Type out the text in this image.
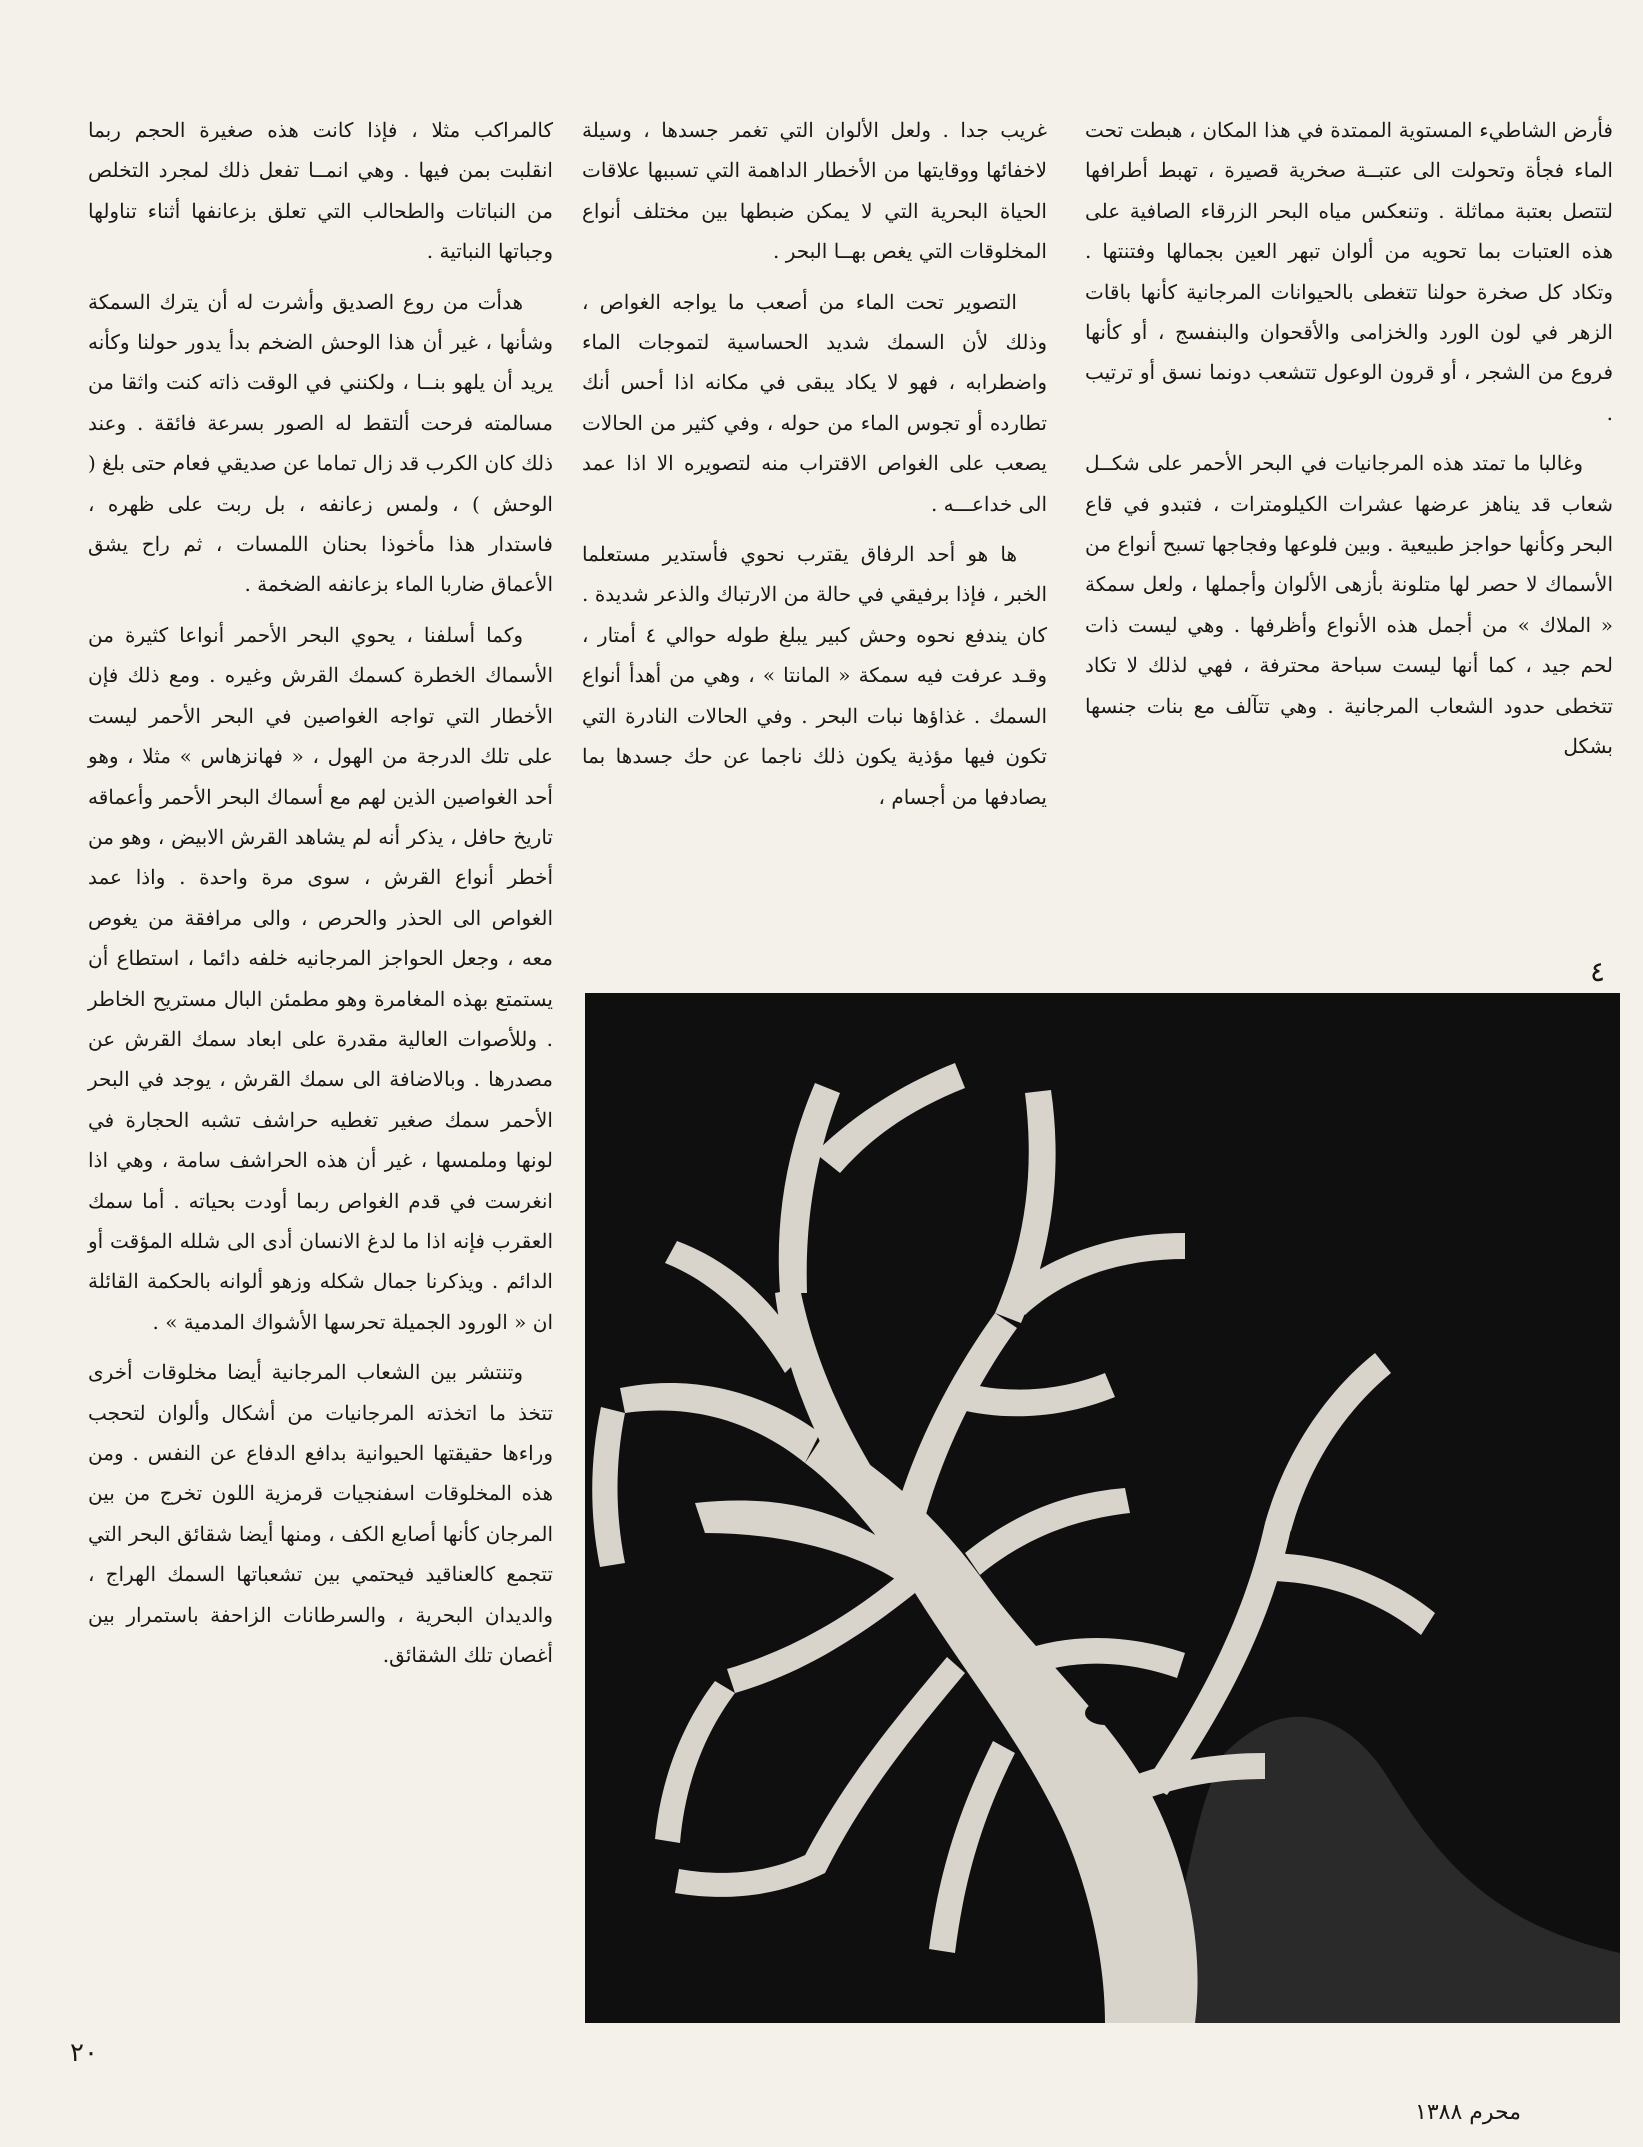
فأرض الشاطيء المستوية الممتدة في هذا المكان ، هبطت تحت الماء فجأة وتحولت الى عتبــة صخرية قصيرة ، تهبط أطرافها لتتصل بعتبة مماثلة . وتنعكس مياه البحر الزرقاء الصافية على هذه العتبات بما تحويه من ألوان تبهر العين بجمالها وفتنتها . وتكاد كل صخرة حولنا تتغطى بالحيوانات المرجانية كأنها باقات الزهر في لون الورد والخزامى والأقحوان والبنفسج ، أو كأنها فروع من الشجر ، أو قرون الوعول تتشعب دونما نسق أو ترتيب .

وغالبا ما تمتد هذه المرجانيات في البحر الأحمر على شكــل شعاب قد يناهز عرضها عشرات الكيلومترات ، فتبدو في قاع البحر وكأنها حواجز طبيعية . وبين فلوعها وفجاجها تسبح أنواع من الأسماك لا حصر لها متلونة بأزهى الألوان وأجملها ، ولعل سمكة « الملاك » من أجمل هذه الأنواع وأظرفها . وهي ليست ذات لحم جيد ، كما أنها ليست سباحة محترفة ، فهي لذلك لا تكاد تتخطى حدود الشعاب المرجانية . وهي تتآلف مع بنات جنسها بشكل

غريب جدا . ولعل الألوان التي تغمر جسدها ، وسيلة لاخفائها ووقايتها من الأخطار الداهمة التي تسببها علاقات الحياة البحرية التي لا يمكن ضبطها بين مختلف أنواع المخلوقات التي يغص بهــا البحر .

التصوير تحت الماء من أصعب ما يواجه الغواص ، وذلك لأن السمك شديد الحساسية لتموجات الماء واضطرابه ، فهو لا يكاد يبقى في مكانه اذا أحس أنك تطارده أو تجوس الماء من حوله ، وفي كثير من الحالات يصعب على الغواص الاقتراب منه لتصويره الا اذا عمد الى خداعـــه .

ها هو أحد الرفاق يقترب نحوي فأستدير مستعلما الخبر ، فإذا برفيقي في حالة من الارتباك والذعر شديدة . كان يندفع نحوه وحش كبير يبلغ طوله حوالي ٤ أمتار ، وقـد عرفت فيه سمكة « المانتا » ، وهي من أهدأ أنواع السمك . غذاؤها نبات البحر . وفي الحالات النادرة التي تكون فيها مؤذية يكون ذلك ناجما عن حك جسدها بما يصادفها من أجسام ،

كالمراكب مثلا ، فإذا كانت هذه صغيرة الحجم ربما انقلبت بمن فيها . وهي انمــا تفعل ذلك لمجرد التخلص من النباتات والطحالب التي تعلق بزعانفها أثناء تناولها وجباتها النباتية .

هدأت من روع الصديق وأشرت له أن يترك السمكة وشأنها ، غير أن هذا الوحش الضخم بدأ يدور حولنا وكأنه يريد أن يلهو بنــا ، ولكنني في الوقت ذاته كنت واثقا من مسالمته فرحت ألتقط له الصور بسرعة فائقة . وعند ذلك كان الكرب قد زال تماما عن صديقي فعام حتى بلغ ( الوحش ) ، ولمس زعانفه ، بل ربت على ظهره ، فاستدار هذا مأخوذا بحنان اللمسات ، ثم راح يشق الأعماق ضاربا الماء بزعانفه الضخمة .

وكما أسلفنا ، يحوي البحر الأحمر أنواعا كثيرة من الأسماك الخطرة كسمك القرش وغيره . ومع ذلك فإن الأخطار التي تواجه الغواصين في البحر الأحمر ليست على تلك الدرجة من الهول ، « فهانزهاس » مثلا ، وهو أحد الغواصين الذين لهم مع أسماك البحر الأحمر وأعماقه تاريخ حافل ، يذكر أنه لم يشاهد القرش الابيض ، وهو من أخطر أنواع القرش ، سوى مرة واحدة . واذا عمد الغواص الى الحذر والحرص ، والى مرافقة من يغوص معه ، وجعل الحواجز المرجانيه خلفه دائما ، استطاع أن يستمتع بهذه المغامرة وهو مطمئن البال مستريح الخاطر . وللأصوات العالية مقدرة على ابعاد سمك القرش عن مصدرها . وبالاضافة الى سمك القرش ، يوجد في البحر الأحمر سمك صغير تغطيه حراشف تشبه الحجارة في لونها وملمسها ، غير أن هذه الحراشف سامة ، وهي اذا انغرست في قدم الغواص ربما أودت بحياته . أما سمك العقرب فإنه اذا ما لدغ الانسان أدى الى شلله المؤقت أو الدائم . ويذكرنا جمال شكله وزهو ألوانه بالحكمة القائلة ان « الورود الجميلة تحرسها الأشواك المدمية » .

وتنتشر بين الشعاب المرجانية أيضا مخلوقات أخرى تتخذ ما اتخذته المرجانيات من أشكال وألوان لتحجب وراءها حقيقتها الحيوانية بدافع الدفاع عن النفس . ومن هذه المخلوقات اسفنجيات قرمزية اللون تخرج من بين المرجان كأنها أصابع الكف ، ومنها أيضا شقائق البحر التي تتجمع كالعناقيد فيحتمي بين تشعباتها السمك الهراج ، والديدان البحرية ، والسرطانات الزاحفة باستمرار بين أغصان تلك الشقائق.

٤
٢٠
محرم ١٣٨٨
